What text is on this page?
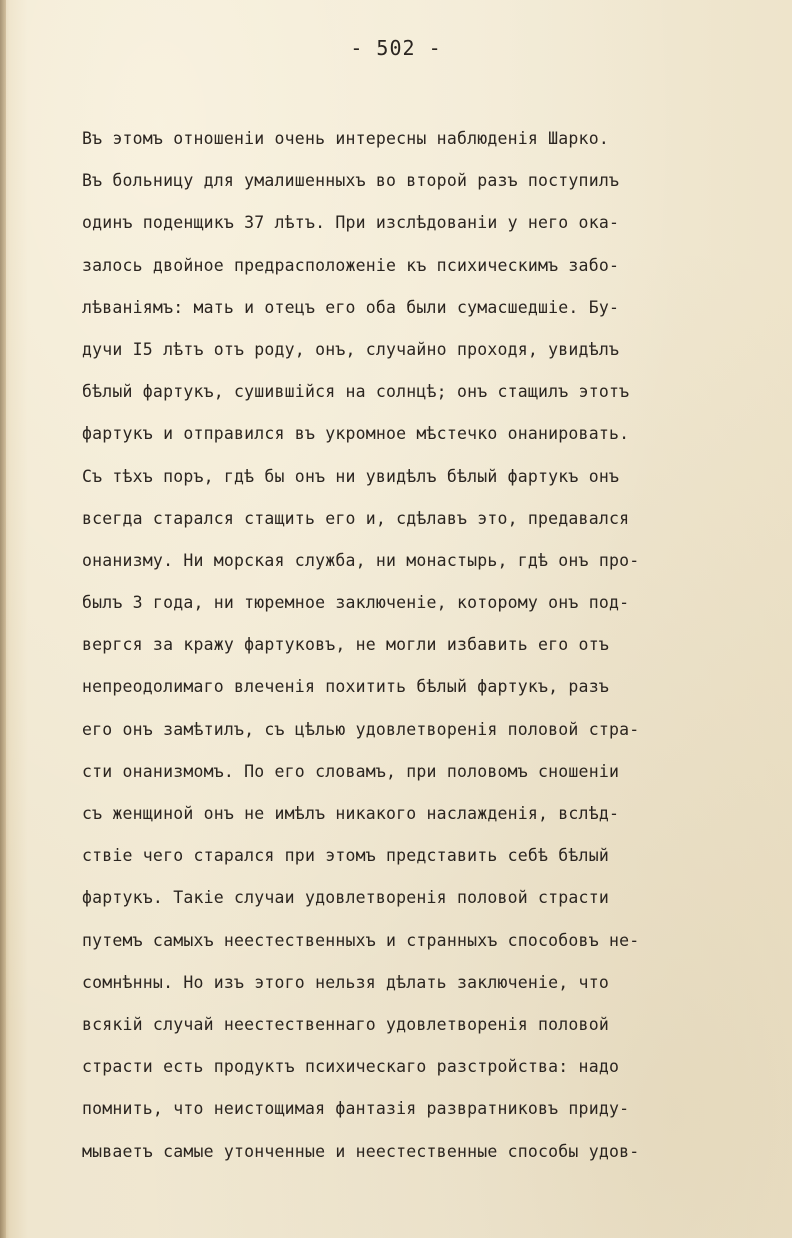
- 502 -
Въ этомъ отношенiи очень интересны наблюденiя Шарко.
Въ больницу для умалишенныхъ во второй разъ поступилъ
одинъ поденщикъ 37 лѣтъ. При изслѣдованiи у него ока-
залось двойное предрасположенiе къ психическимъ забо-
лѣванiямъ: мать и отецъ его оба были сумасшедшiе. Бу-
дучи I5 лѣтъ отъ роду, онъ, случайно проходя, увидѣлъ
бѣлый фартукъ, сушившiйся на солнцѣ; онъ стащилъ этотъ
фартукъ и отправился въ укромное мѣстечко онанировать.
Съ тѣхъ поръ, гдѣ бы онъ ни увидѣлъ бѣлый фартукъ онъ
всегда старался стащить его и, сдѣлавъ это, предавался
онанизму. Ни морская служба, ни монастырь, гдѣ онъ про-
былъ 3 года, ни тюремное заключенiе, которому онъ под-
вергся за кражу фартуковъ, не могли избавить его отъ
непреодолимаго влеченiя похитить бѣлый фартукъ, разъ
его онъ замѣтилъ, съ цѣлью удовлетворенiя половой стра-
сти онанизмомъ. По его словамъ, при половомъ сношенiи
съ женщиной онъ не имѣлъ никакого наслажденiя, вслѣд-
ствiе чего старался при этомъ представить себѣ бѣлый
фартукъ. Такiе случаи удовлетворенiя половой страсти
путемъ самыхъ неестественныхъ и странныхъ способовъ не-
сомнѣнны. Но изъ этого нельзя дѣлать заключенiе, что
всякiй случай неестественнаго удовлетворенiя половой
страсти есть продуктъ психическаго разстройства: надо
помнить, что неистощимая фантазiя развратниковъ приду-
мываетъ самые утонченные и неестественные способы удов-
